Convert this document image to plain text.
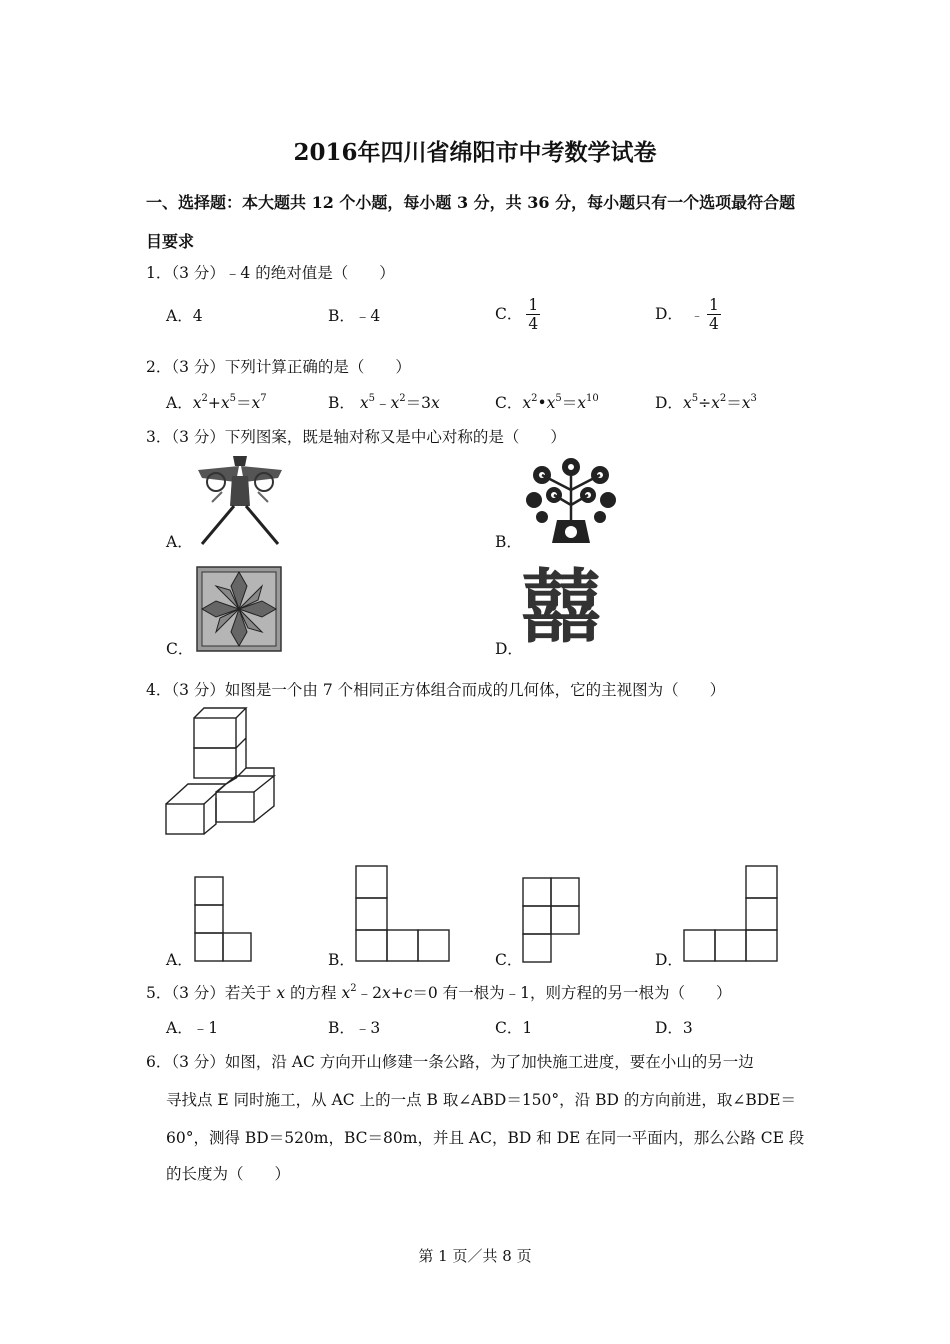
2016年四川省绵阳市中考数学试卷
一、选择题：本大题共 12 个小题，每小题 3 分，共 36 分，每小题只有一个选项最符合题
目要求
1．（3 分）﹣4 的绝对值是（　　）
A．4	B．﹣4	C． $\frac{1}{4}$	D． ﹣ $\frac{1}{4}$
2．（3 分）下列计算正确的是（　　）
A．$x^2+x^5=x^7$	B． $x^5﹣x^2=3x$	C．$x^2•x^5=x^{10}$	D．$x^5\div x^2=x^3$
3．（3 分）下列图案，既是轴对称又是中心对称的是（　　）
A．	B．
C．	囍
D．
4．（3 分）如图是一个由 7 个相同正方体组合而成的几何体，它的主视图为（　　）
A．	B．	C．	D．
5．（3 分）若关于 x 的方程 $x^2﹣2x+c=0$ 有一根为﹣1，则方程的另一根为（　　）
A．﹣1	B．﹣3	C．1	D．3
6．（3 分）如图，沿 AC 方向开山修建一条公路，为了加快施工进度，要在小山的另一边
寻找点 E 同时施工，从 AC 上的一点 B 取∠ABD＝150°，沿 BD 的方向前进，取∠BDE＝
60°，测得 BD＝520m，BC＝80m，并且 AC，BD 和 DE 在同一平面内，那么公路 CE 段
的长度为（　　）
第 1 页／共 8 页
